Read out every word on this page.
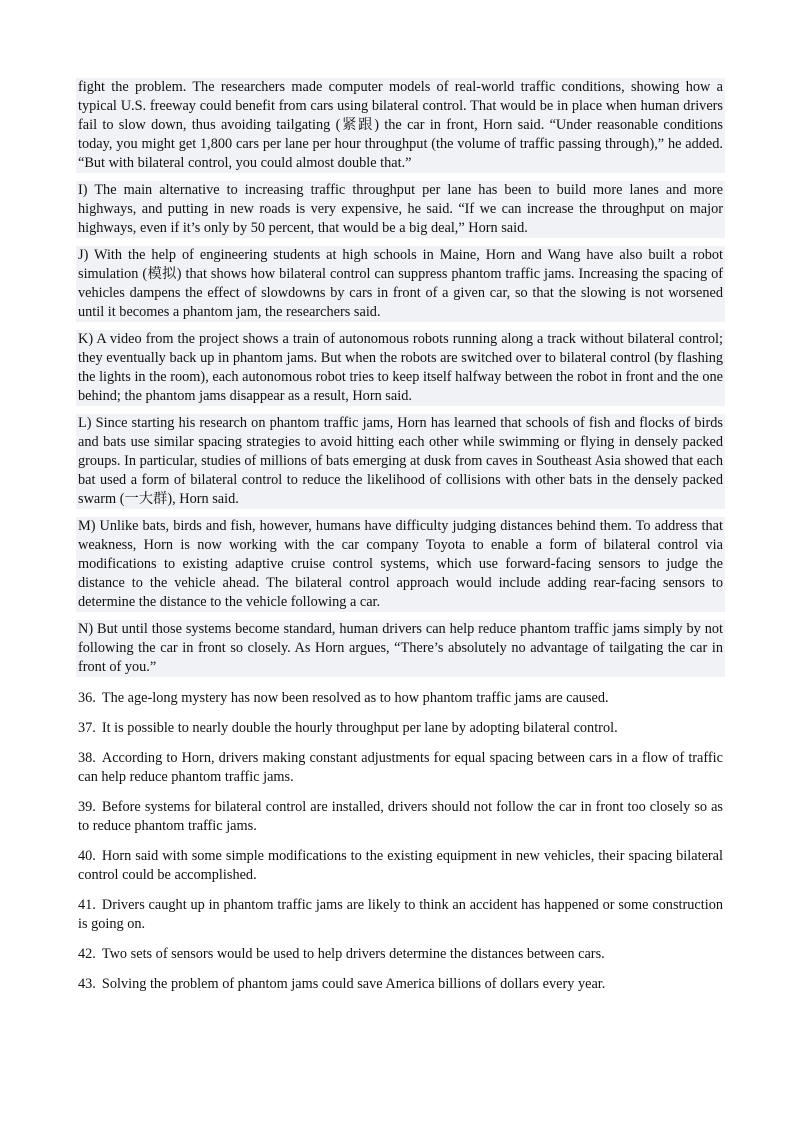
fight the problem. The researchers made computer models of real-world traffic conditions, showing how a typical U.S. freeway could benefit from cars using bilateral control. That would be in place when human drivers fail to slow down, thus avoiding tailgating (紧跟) the car in front, Horn said. “Under reasonable conditions today, you might get 1,800 cars per lane per hour throughput (the volume of traffic passing through),” he added. “But with bilateral control, you could almost double that.”

I) The main alternative to increasing traffic throughput per lane has been to build more lanes and more highways, and putting in new roads is very expensive, he said. “If we can increase the throughput on major highways, even if it’s only by 50 percent, that would be a big deal,” Horn said.

J) With the help of engineering students at high schools in Maine, Horn and Wang have also built a robot simulation (模拟) that shows how bilateral control can suppress phantom traffic jams. Increasing the spacing of vehicles dampens the effect of slowdowns by cars in front of a given car, so that the slowing is not worsened until it becomes a phantom jam, the researchers said.

K) A video from the project shows a train of autonomous robots running along a track without bilateral control; they eventually back up in phantom jams. But when the robots are switched over to bilateral control (by flashing the lights in the room), each autonomous robot tries to keep itself halfway between the robot in front and the one behind; the phantom jams disappear as a result, Horn said.

L) Since starting his research on phantom traffic jams, Horn has learned that schools of fish and flocks of birds and bats use similar spacing strategies to avoid hitting each other while swimming or flying in densely packed groups. In particular, studies of millions of bats emerging at dusk from caves in Southeast Asia showed that each bat used a form of bilateral control to reduce the likelihood of collisions with other bats in the densely packed swarm (一大群), Horn said.

M) Unlike bats, birds and fish, however, humans have difficulty judging distances behind them. To address that weakness, Horn is now working with the car company Toyota to enable a form of bilateral control via modifications to existing adaptive cruise control systems, which use forward-facing sensors to judge the distance to the vehicle ahead. The bilateral control approach would include adding rear-facing sensors to determine the distance to the vehicle following a car.

N) But until those systems become standard, human drivers can help reduce phantom traffic jams simply by not following the car in front so closely. As Horn argues, “There’s absolutely no advantage of tailgating the car in front of you.”

36. The age-long mystery has now been resolved as to how phantom traffic jams are caused.

37. It is possible to nearly double the hourly throughput per lane by adopting bilateral control.

38. According to Horn, drivers making constant adjustments for equal spacing between cars in a flow of traffic can help reduce phantom traffic jams.

39. Before systems for bilateral control are installed, drivers should not follow the car in front too closely so as to reduce phantom traffic jams.

40. Horn said with some simple modifications to the existing equipment in new vehicles, their spacing bilateral control could be accomplished.

41. Drivers caught up in phantom traffic jams are likely to think an accident has happened or some construction is going on.

42. Two sets of sensors would be used to help drivers determine the distances between cars.

43. Solving the problem of phantom jams could save America billions of dollars every year.
